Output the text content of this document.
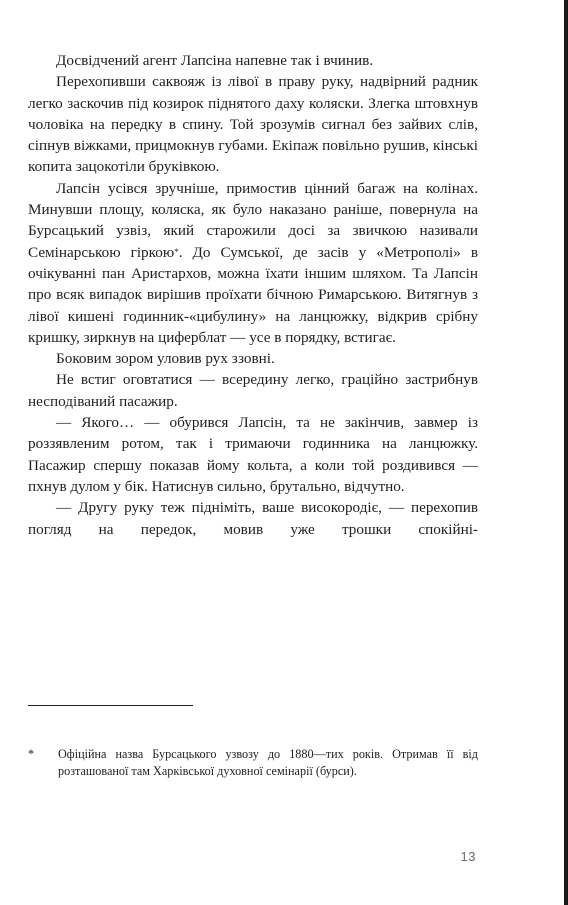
Досвідчений агент Лапсіна напевне так і вчинив.

Перехопивши саквояж із лівої в праву руку, надвірний радник легко заскочив під козирок піднятого даху коляски. Злегка штовхнув чоловіка на передку в спину. Той зрозумів сигнал без зайвих слів, сіпнув віжками, прицмокнув губами. Екіпаж повільно рушив, кінські копита зацокотіли бруківкою.

Лапсін усівся зручніше, примостив цінний багаж на колінах. Минувши площу, коляска, як було наказано раніше, повернула на Бурсацький узвіз, який старожили досі за звичкою називали Семінарською гіркою*. До Сумської, де засів у «Метрополі» в очікуванні пан Аристархов, можна їхати іншим шляхом. Та Лапсін про всяк випадок вирішив проїхати бічною Римарською. Витягнув з лівої кишені годинник-«цибулину» на ланцюжку, відкрив срібну кришку, зиркнув на циферблат — усе в порядку, встигає.

Боковим зором уловив рух ззовні.

Не встиг оговтатися — всередину легко, граційно застрибнув несподіваний пасажир.

— Якого… — обурився Лапсін, та не закінчив, завмер із роззявленим ротом, так і тримаючи годинника на ланцюжку. Пасажир спершу показав йому кольта, а коли той роздивився — пхнув дулом у бік. Натиснув сильно, брутально, відчутно.

— Другу руку теж підніміть, ваше високородіє, — перехопив погляд на передок, мовив уже трошки спокійні-

*	Офіційна назва Бурсацького узвозу до 1880—тих років. Отримав її від розташованої там Харківської духовної семінарії (бурси).
13
